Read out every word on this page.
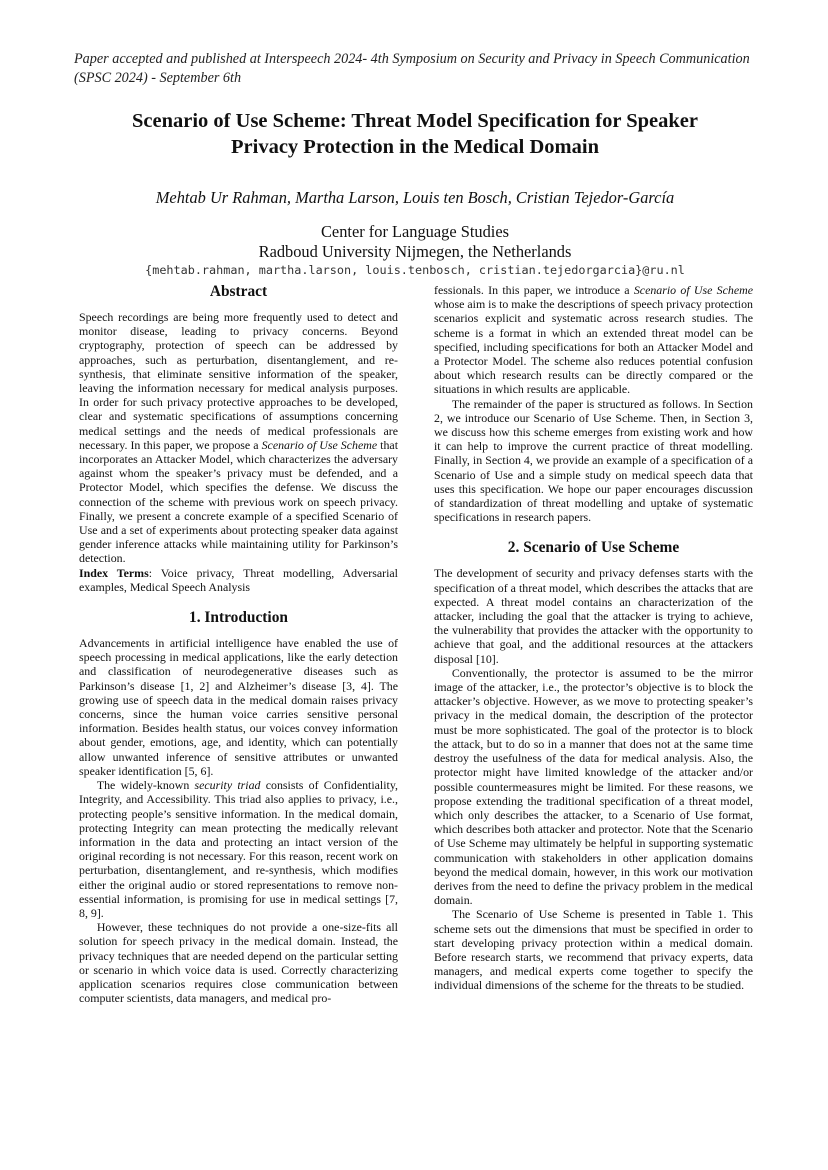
Paper accepted and published at Interspeech 2024- 4th Symposium on Security and Privacy in Speech Communication (SPSC 2024) - September 6th
Scenario of Use Scheme: Threat Model Specification for Speaker
Privacy Protection in the Medical Domain
Mehtab Ur Rahman, Martha Larson, Louis ten Bosch, Cristian Tejedor-García
Center for Language Studies
Radboud University Nijmegen, the Netherlands
{mehtab.rahman, martha.larson, louis.tenbosch, cristian.tejedorgarcia}@ru.nl
Abstract

Speech recordings are being more frequently used to detect and monitor disease, leading to privacy concerns. Beyond cryptography, protection of speech can be addressed by approaches, such as perturbation, disentanglement, and re-synthesis, that eliminate sensitive information of the speaker, leaving the information necessary for medical analysis purposes. In order for such privacy protective approaches to be developed, clear and systematic specifications of assumptions concerning medical settings and the needs of medical professionals are necessary. In this paper, we propose a Scenario of Use Scheme that incorporates an Attacker Model, which characterizes the adversary against whom the speaker’s privacy must be defended, and a Protector Model, which specifies the defense. We discuss the connection of the scheme with previous work on speech privacy. Finally, we present a concrete example of a specified Scenario of Use and a set of experiments about protecting speaker data against gender inference attacks while maintaining utility for Parkinson’s detection.

Index Terms: Voice privacy, Threat modelling, Adversarial examples, Medical Speech Analysis

1. Introduction

Advancements in artificial intelligence have enabled the use of speech processing in medical applications, like the early detection and classification of neurodegenerative diseases such as Parkinson’s disease [1, 2] and Alzheimer’s disease [3, 4]. The growing use of speech data in the medical domain raises privacy concerns, since the human voice carries sensitive personal information. Besides health status, our voices convey information about gender, emotions, age, and identity, which can potentially allow unwanted inference of sensitive attributes or unwanted speaker identification [5, 6].

The widely-known security triad consists of Confidentiality, Integrity, and Accessibility. This triad also applies to privacy, i.e., protecting people’s sensitive information. In the medical domain, protecting Integrity can mean protecting the medically relevant information in the data and protecting an intact version of the original recording is not necessary. For this reason, recent work on perturbation, disentanglement, and re-synthesis, which modifies either the original audio or stored representations to remove non-essential information, is promising for use in medical settings [7, 8, 9].

However, these techniques do not provide a one-size-fits all solution for speech privacy in the medical domain. Instead, the privacy techniques that are needed depend on the particular setting or scenario in which voice data is used. Correctly characterizing application scenarios requires close communication between computer scientists, data managers, and medical pro-

fessionals. In this paper, we introduce a Scenario of Use Scheme whose aim is to make the descriptions of speech privacy protection scenarios explicit and systematic across research studies. The scheme is a format in which an extended threat model can be specified, including specifications for both an Attacker Model and a Protector Model. The scheme also reduces potential confusion about which research results can be directly compared or the situations in which results are applicable.

The remainder of the paper is structured as follows. In Section 2, we introduce our Scenario of Use Scheme. Then, in Section 3, we discuss how this scheme emerges from existing work and how it can help to improve the current practice of threat modelling. Finally, in Section 4, we provide an example of a specification of a Scenario of Use and a simple study on medical speech data that uses this specification. We hope our paper encourages discussion of standardization of threat modelling and uptake of systematic specifications in research papers.

2. Scenario of Use Scheme

The development of security and privacy defenses starts with the specification of a threat model, which describes the attacks that are expected. A threat model contains an characterization of the attacker, including the goal that the attacker is trying to achieve, the vulnerability that provides the attacker with the opportunity to achieve that goal, and the additional resources at the attackers disposal [10].

Conventionally, the protector is assumed to be the mirror image of the attacker, i.e., the protector’s objective is to block the attacker’s objective. However, as we move to protecting speaker’s privacy in the medical domain, the description of the protector must be more sophisticated. The goal of the protector is to block the attack, but to do so in a manner that does not at the same time destroy the usefulness of the data for medical analysis. Also, the protector might have limited knowledge of the attacker and/or possible countermeasures might be limited. For these reasons, we propose extending the traditional specification of a threat model, which only describes the attacker, to a Scenario of Use format, which describes both attacker and protector. Note that the Scenario of Use Scheme may ultimately be helpful in supporting systematic communication with stakeholders in other application domains beyond the medical domain, however, in this work our motivation derives from the need to define the privacy problem in the medical domain.

The Scenario of Use Scheme is presented in Table 1. This scheme sets out the dimensions that must be specified in order to start developing privacy protection within a medical domain. Before research starts, we recommend that privacy experts, data managers, and medical experts come together to specify the individual dimensions of the scheme for the threats to be studied.
